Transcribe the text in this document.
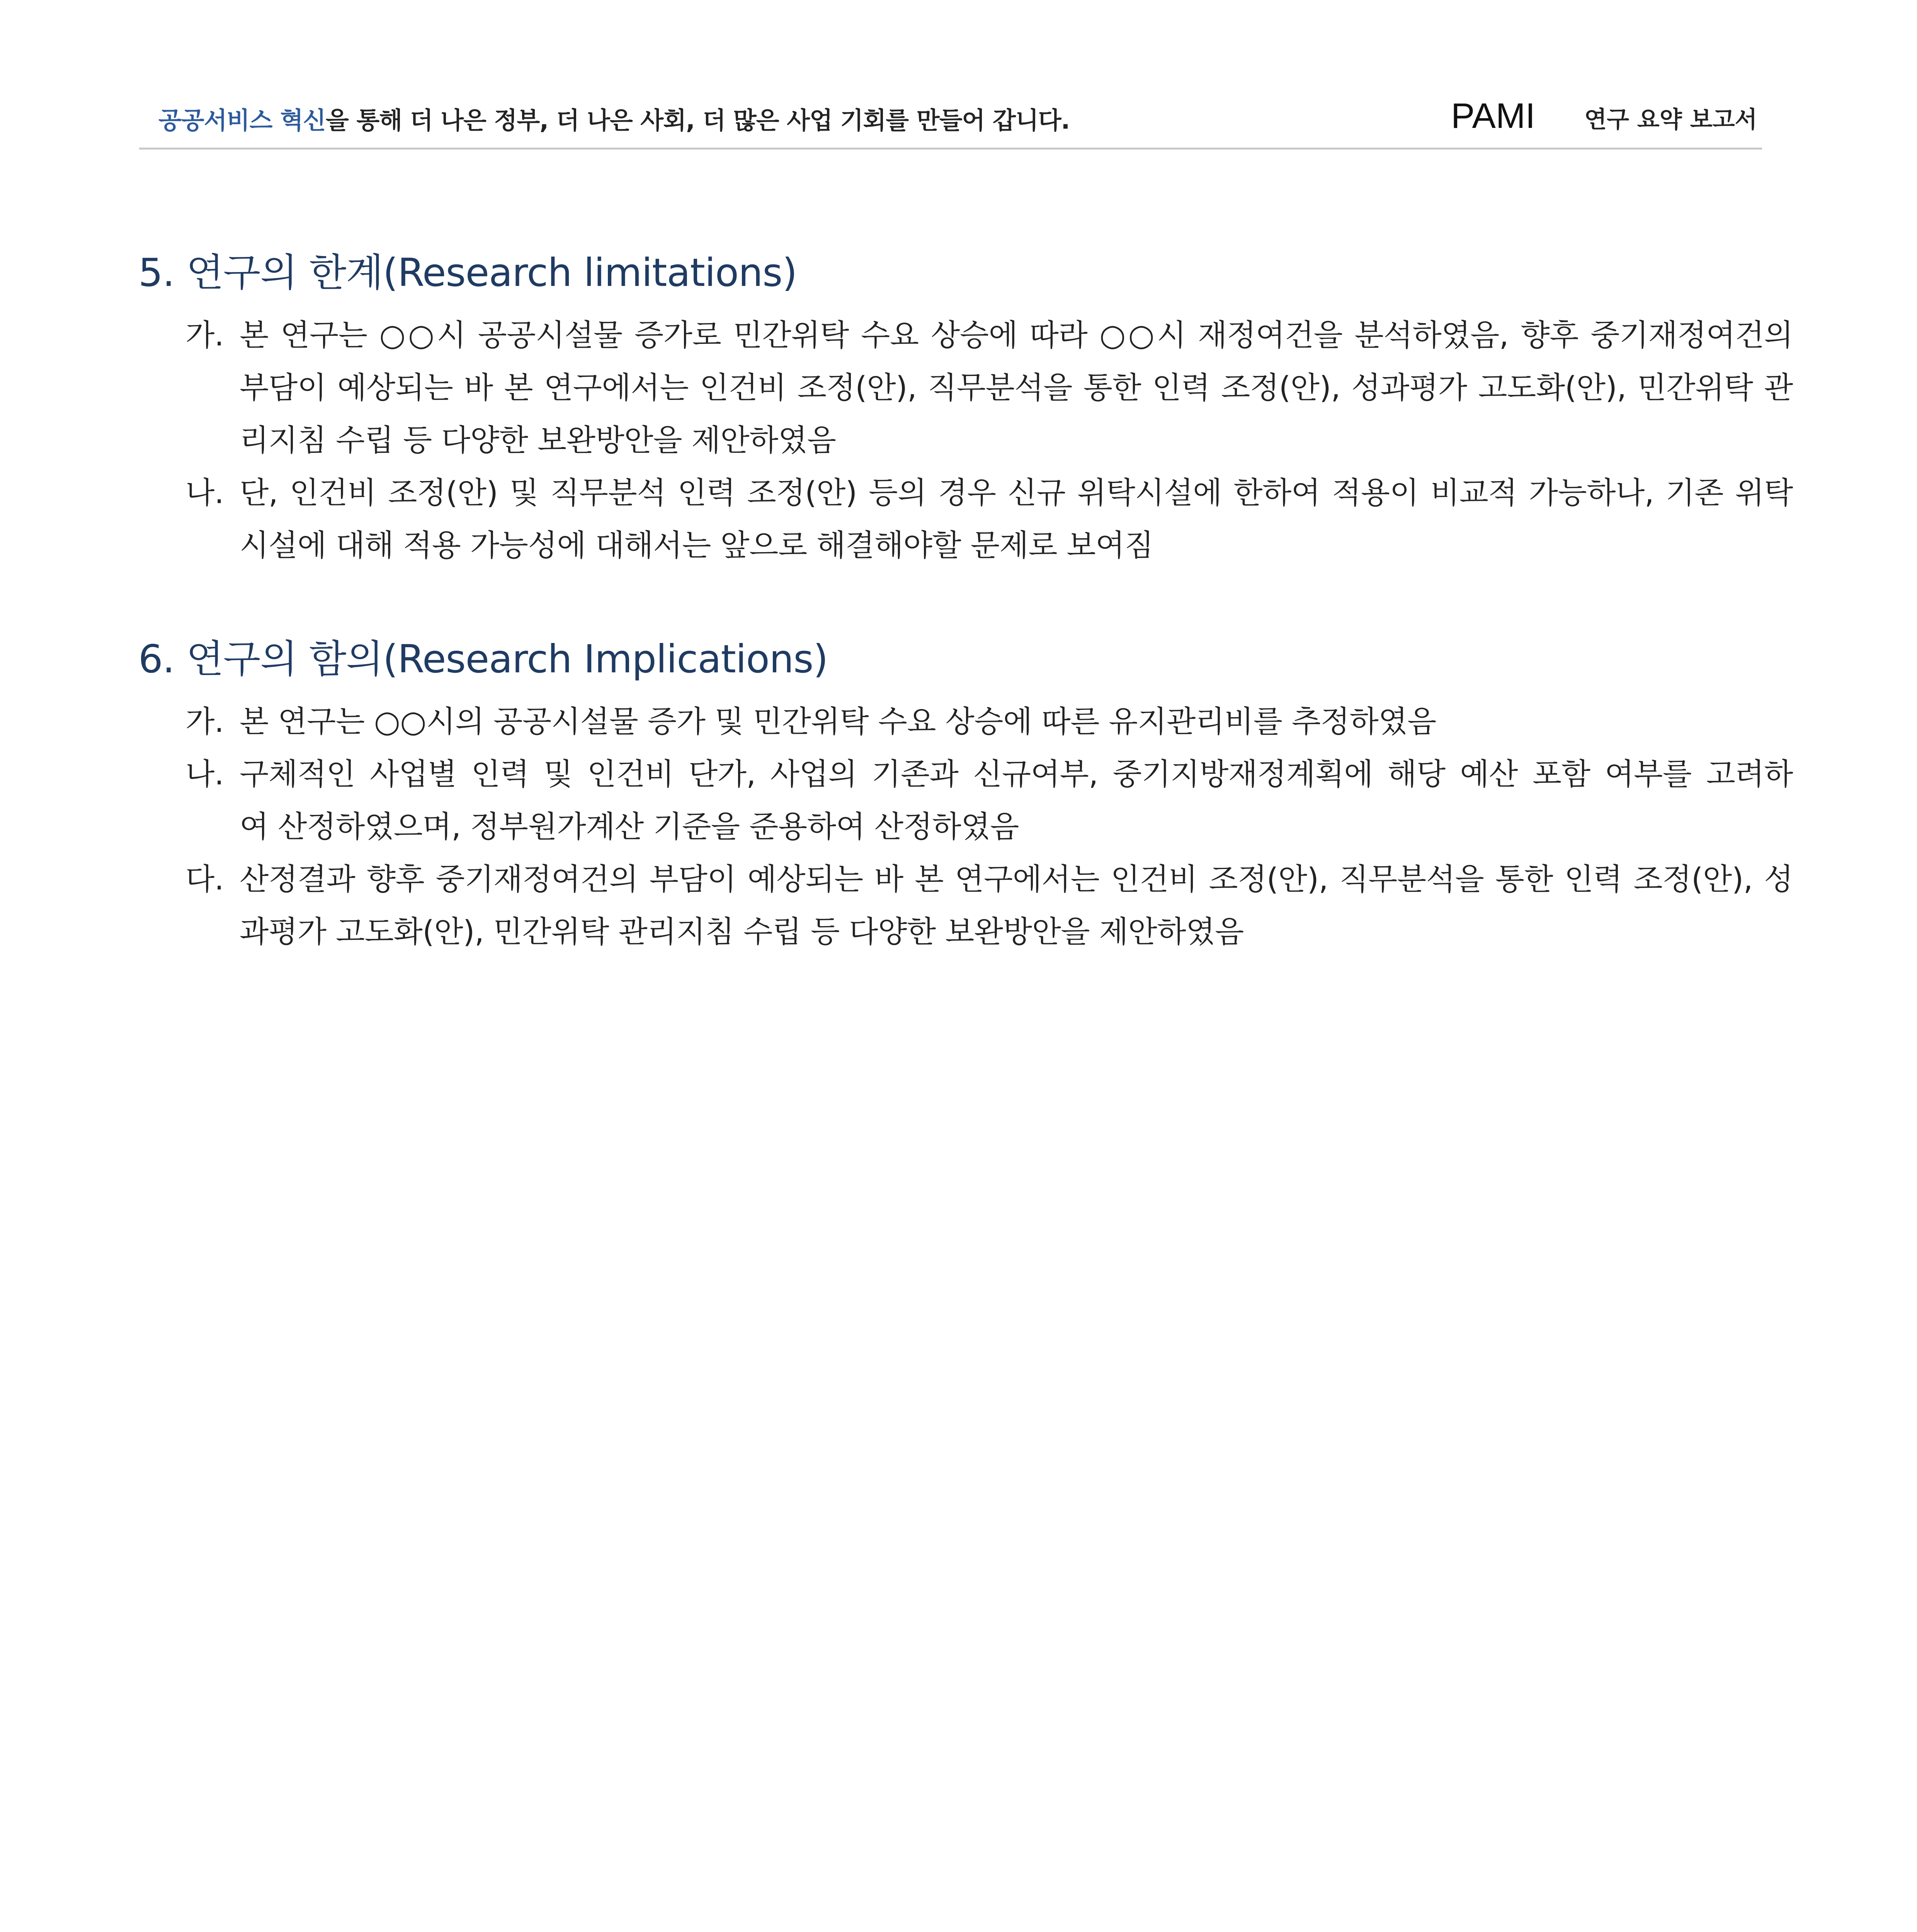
공공서비스 혁신을 통해 더 나은 정부, 더 나은 사회, 더 많은 사업 기회를 만들어 갑니다.	PAMI 연구 요약 보고서
5. 연구의 한계(Research limitations)
가. 본 연구는 ○○시 공공시설물 증가로 민간위탁 수요 상승에 따라 ○○시 재정여건을 분석하였음, 향후 중기재정여건의
부담이 예상되는 바 본 연구에서는 인건비 조정(안), 직무분석을 통한 인력 조정(안), 성과평가 고도화(안), 민간위탁 관
리지침 수립 등 다양한 보완방안을 제안하였음
나. 단, 인건비 조정(안) 및 직무분석 인력 조정(안) 등의 경우 신규 위탁시설에 한하여 적용이 비교적 가능하나, 기존 위탁
시설에 대해 적용 가능성에 대해서는 앞으로 해결해야할 문제로 보여짐
6. 연구의 함의(Research Implications)
가. 본 연구는 ○○시의 공공시설물 증가 및 민간위탁 수요 상승에 따른 유지관리비를 추정하였음
나. 구체적인 사업별 인력 및 인건비 단가, 사업의 기존과 신규여부, 중기지방재정계획에 해당 예산 포함 여부를 고려하
여 산정하였으며, 정부원가계산 기준을 준용하여 산정하였음
다. 산정결과 향후 중기재정여건의 부담이 예상되는 바 본 연구에서는 인건비 조정(안), 직무분석을 통한 인력 조정(안), 성
과평가 고도화(안), 민간위탁 관리지침 수립 등 다양한 보완방안을 제안하였음
